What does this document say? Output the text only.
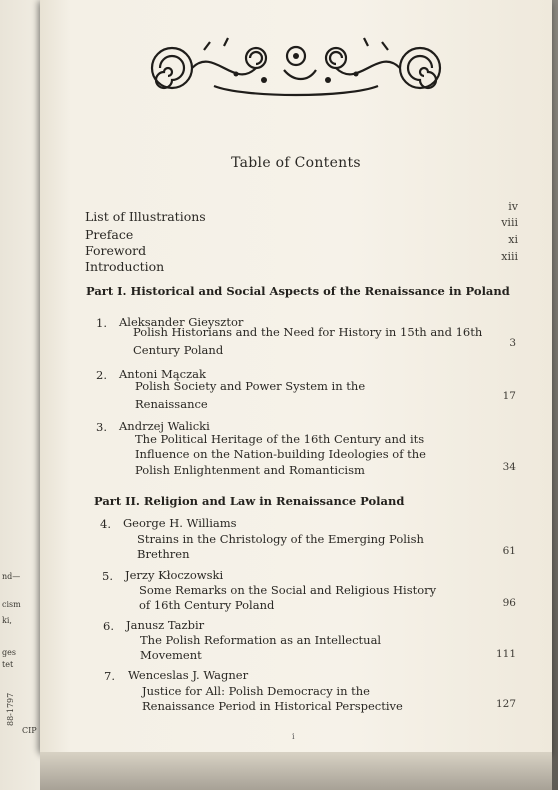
nd—
cism
ki,
ges
tet
88-1797
CIP
Table of Contents
List of Illustrations
iv
Preface
viii
Foreword
xi
Introduction
xiii
Part I. Historical and Social Aspects of the Renaissance in Poland
1. Aleksander Gieysztor
Polish Historians and the Need for History in 15th and 16th
Century Poland	3
2. Antoni Mączak
Polish Society and Power System in the
Renaissance
17
3. Andrzej Walicki
The Political Heritage of the 16th Century and its
Influence on the Nation-building Ideologies of the
Polish Enlightenment and Romanticism	34
Part II. Religion and Law in Renaissance Poland
4. George H. Williams
Strains in the Christology of the Emerging Polish
Brethren	61
5. Jerzy Kłoczowski
Some Remarks on the Social and Religious History
of 16th Century Poland	96
6. Janusz Tazbir
The Polish Reformation as an Intellectual
Movement	111
7. Wenceslas J. Wagner
Justice for All: Polish Democracy in the
Renaissance Period in Historical Perspective	127
i
